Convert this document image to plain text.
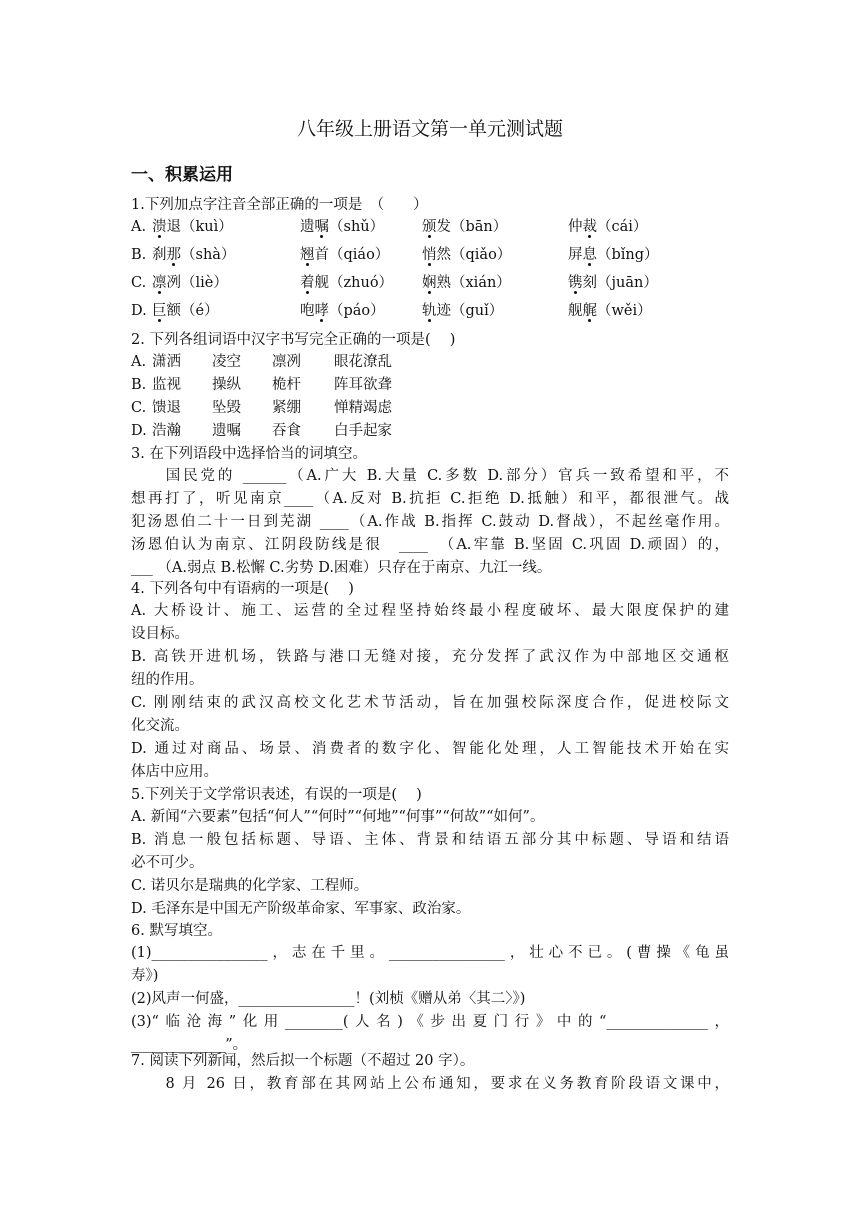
八年级上册语文第一单元测试题
一、积累运用
1.下列加点字注音全部正确的一项是　（　　）
A. 溃退（kuì）	遗嘱（shǔ）	颁发（bān）	仲裁（cái）
B. 刹那（shà）	翘首（qiáo） 悄然（qiǎo）	屏息（bǐng）
C. 凛冽（liè）	着舰（zhuó） 娴熟（xián）	镌刻（juān）
D. 巨额（é）	咆哮（páo）	轨迹（guǐ）	舰艉（wěi）
2. 下列各组词语中汉字书写完全正确的一项是(　 )
A. 潇洒 凌空 凛冽 眼花潦乱
B. 监视 操纵 桅杆 阵耳欲聋
C. 馈退 坠毁 紧绷 惮精竭虑
D. 浩瀚 遗嘱 吞食 白手起家
3. 在下列语段中选择恰当的词填空。
　　国民党的 ______（A.广大 B.大量 C.多数 D.部分）官兵一致希望和平，不
想再打了，听见南京____（A.反对 B.抗拒 C.拒绝 D.抵触）和平，都很泄气。战
犯汤恩伯二十一日到芜湖 ____（A.作战 B.指挥 C.鼓动 D.督战），不起丝毫作用。
汤恩伯认为南京、江阴段防线是很　____　（A.牢靠 B.坚固 C.巩固 D.顽固）的，
___ （A.弱点 B.松懈 C.劣势 D.困难）只存在于南京、九江一线。
4. 下列各句中有语病的一项是(　 )
A. 大桥设计、施工、运营的全过程坚持始终最小程度破坏、最大限度保护的建
设目标。
B. 高铁开进机场，铁路与港口无缝对接，充分发挥了武汉作为中部地区交通枢
纽的作用。
C. 刚刚结束的武汉高校文化艺术节活动，旨在加强校际深度合作，促进校际文
化交流。
D. 通过对商品、场景、消费者的数字化、智能化处理，人工智能技术开始在实
体店中应用。
5.下列关于文学常识表述，有误的一项是(　 )
A. 新闻“六要素”包括“何人”“何时”“何地”“何事”“何故”“如何”。
B. 消息一般包括标题、导语、主体、背景和结语五部分其中标题、导语和结语
必不可少。
C. 诺贝尔是瑞典的化学家、工程师。
D. 毛泽东是中国无产阶级革命家、军事家、政治家。
6. 默写填空。
(1)________________，志在千里。________________，壮心不已。(曹操《龟虽
寿》)
(2)风声一何盛，________________！(刘桢《赠从弟〈其二〉》)
(3)“临沧海”化用________(人名)《步出夏门行》中的“______________，
_____________”。
7. 阅读下列新闻，然后拟一个标题（不超过 20 字）。
　　8 月 26 日，教育部在其网站上公布通知，要求在义务教育阶段语文课中，
